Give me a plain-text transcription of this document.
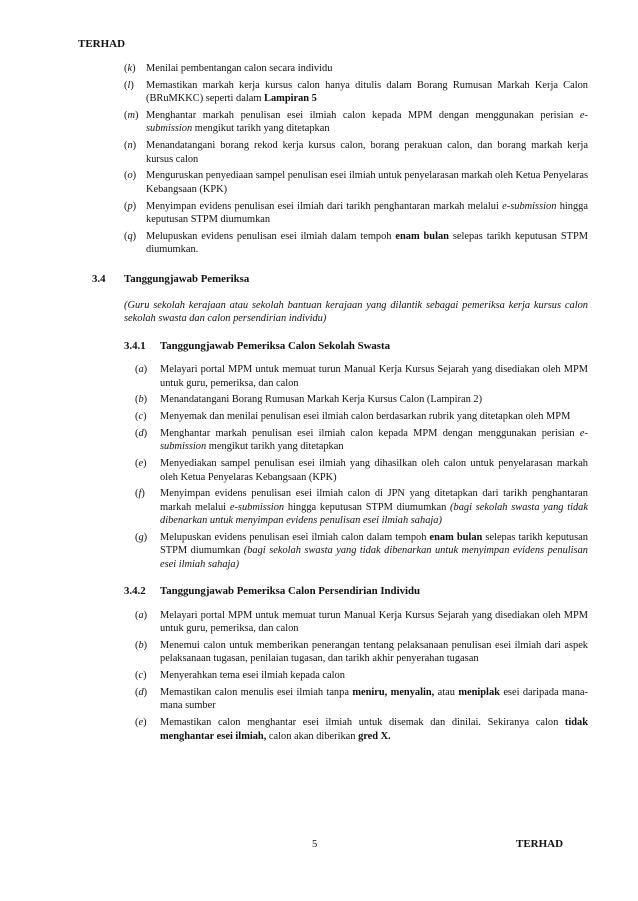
TERHAD
( k )	Menilai pembentangan calon secara individu
( l )	Memastikan markah kerja kursus calon hanya ditulis dalam Borang Rumusan Markah Kerja Calon (BRuMKKC) seperti dalam Lampiran 5
( m )	Menghantar markah penulisan esei ilmiah calon kepada MPM dengan menggunakan perisian e-submission mengikut tarikh yang ditetapkan
( n )	Menandatangani borang rekod kerja kursus calon, borang perakuan calon, dan borang markah kerja kursus calon
( o )	Menguruskan penyediaan sampel penulisan esei ilmiah untuk penyelarasan markah oleh Ketua Penyelaras Kebangsaan (KPK)
( p )	Menyimpan evidens penulisan esei ilmiah dari tarikh penghantaran markah melalui e-submission hingga keputusan STPM diumumkan
( q )	Melupuskan evidens penulisan esei ilmiah dalam tempoh enam bulan selepas tarikh keputusan STPM diumumkan.
3.4	Tanggungjawab Pemeriksa
(Guru sekolah kerajaan atau sekolah bantuan kerajaan yang dilantik sebagai pemeriksa kerja kursus calon sekolah swasta dan calon persendirian individu)
3.4.1 Tanggungjawab Pemeriksa Calon Sekolah Swasta
( a )	Melayari portal MPM untuk memuat turun Manual Kerja Kursus Sejarah yang disediakan oleh MPM untuk guru, pemeriksa, dan calon
( b )	Menandatangani Borang Rumusan Markah Kerja Kursus Calon (Lampiran 2)
( c )	Menyemak dan menilai penulisan esei ilmiah calon berdasarkan rubrik yang ditetapkan oleh MPM
( d )	Menghantar markah penulisan esei ilmiah calon kepada MPM dengan menggunakan perisian e-submission mengikut tarikh yang ditetapkan
( e )	Menyediakan sampel penulisan esei ilmiah yang dihasilkan oleh calon untuk penyelarasan markah oleh Ketua Penyelaras Kebangsaan (KPK)
( f )	Menyimpan evidens penulisan esei ilmiah calon di JPN yang ditetapkan dari tarikh penghantaran markah melalui e-submission hingga keputusan STPM diumumkan (bagi sekolah swasta yang tidak dibenarkan untuk menyimpan evidens penulisan esei ilmiah sahaja)
( g )	Melupuskan evidens penulisan esei ilmiah calon dalam tempoh enam bulan selepas tarikh keputusan STPM diumumkan (bagi sekolah swasta yang tidak dibenarkan untuk menyimpan evidens penulisan esei ilmiah sahaja)
3.4.2 Tanggungjawab Pemeriksa Calon Persendirian Individu
( a )	Melayari portal MPM untuk memuat turun Manual Kerja Kursus Sejarah yang disediakan oleh MPM untuk guru, pemeriksa, dan calon
( b )	Menemui calon untuk memberikan penerangan tentang pelaksanaan penulisan esei ilmiah dari aspek pelaksanaan tugasan, penilaian tugasan, dan tarikh akhir penyerahan tugasan
( c )	Menyerahkan tema esei ilmiah kepada calon
( d )	Memastikan calon menulis esei ilmiah tanpa meniru, menyalin, atau meniplak esei daripada mana-mana sumber
( e )	Memastikan calon menghantar esei ilmiah untuk disemak dan dinilai. Sekiranya calon tidak menghantar esei ilmiah, calon akan diberikan gred X.
5	TERHAD
